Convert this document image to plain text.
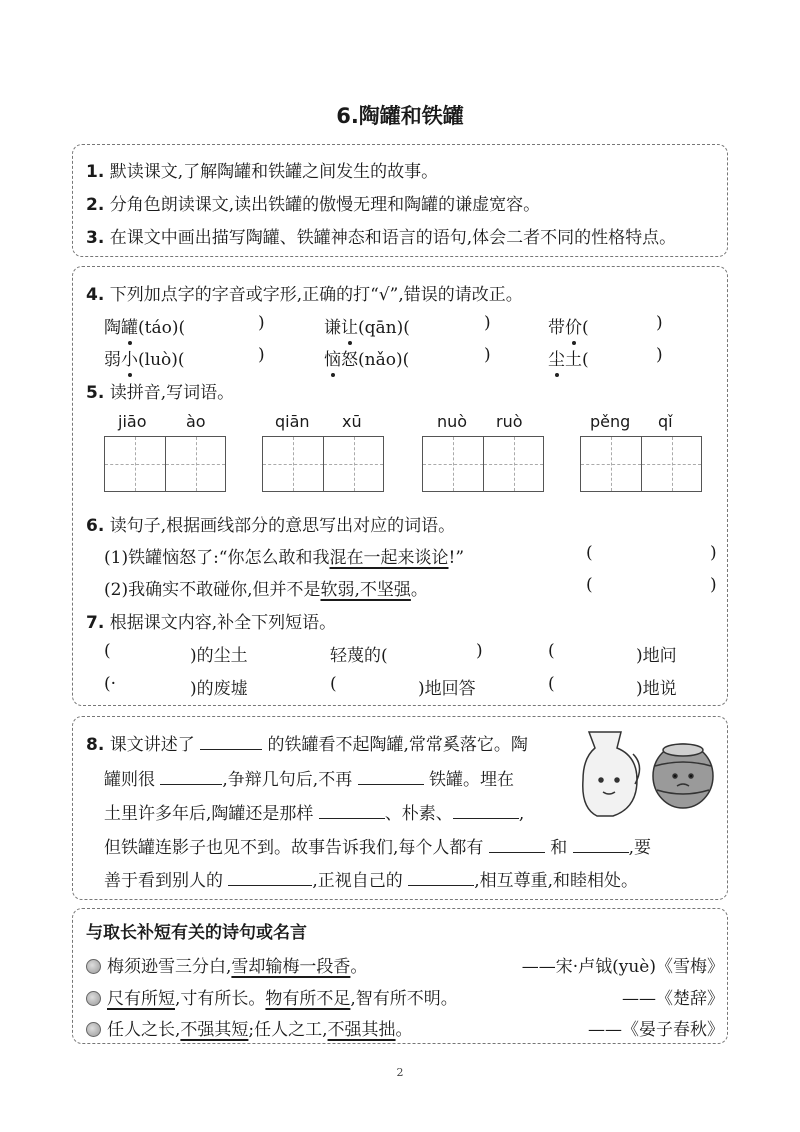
6.陶罐和铁罐
1. 默读课文,了解陶罐和铁罐之间发生的故事。
2. 分角色朗读课文,读出铁罐的傲慢无理和陶罐的谦虚宽容。
3. 在课文中画出描写陶罐、铁罐神态和语言的语句,体会二者不同的性格特点。
4. 下列加点字的字音或字形,正确的打“√”,错误的请改正。
陶罐(táo)(	)	谦让(qān)(	)	带价(	)
弱小(luò)(	)	恼怒(nǎo)(	)	尘土(	)
5. 读拼音,写词语。
jiāo ào	qiān xū	nuò ruò	pěng qǐ
6. 读句子,根据画线部分的意思写出对应的词语。
(1)铁罐恼怒了:“你怎么敢和我混在一起来谈论!”	(	)
(2)我确实不敢碰你,但并不是软弱,不坚强。	(	)
7. 根据课文内容,补全下列短语。
(	)的尘土	轻蔑的(	)	(	)地问
(·	)的废墟	(	)地回答	(	)地说
8. 课文讲述了	的铁罐看不起陶罐,常常奚落它。陶
罐则很	,争辩几句后,不再	铁罐。埋在
土里许多年后,陶罐还是那样	、朴素、	,
但铁罐连影子也见不到。故事告诉我们,每个人都有	和	,要
善于看到别人的	,正视自己的	,相互尊重,和睦相处。
与取长补短有关的诗句或名言
梅须逊雪三分白,雪却输梅一段香。	——宋·卢钺(yuè)《雪梅》
尺有所短,寸有所长。物有所不足,智有所不明。	——《楚辞》
任人之长,不强其短;任人之工,不强其拙。	——《晏子春秋》
2
